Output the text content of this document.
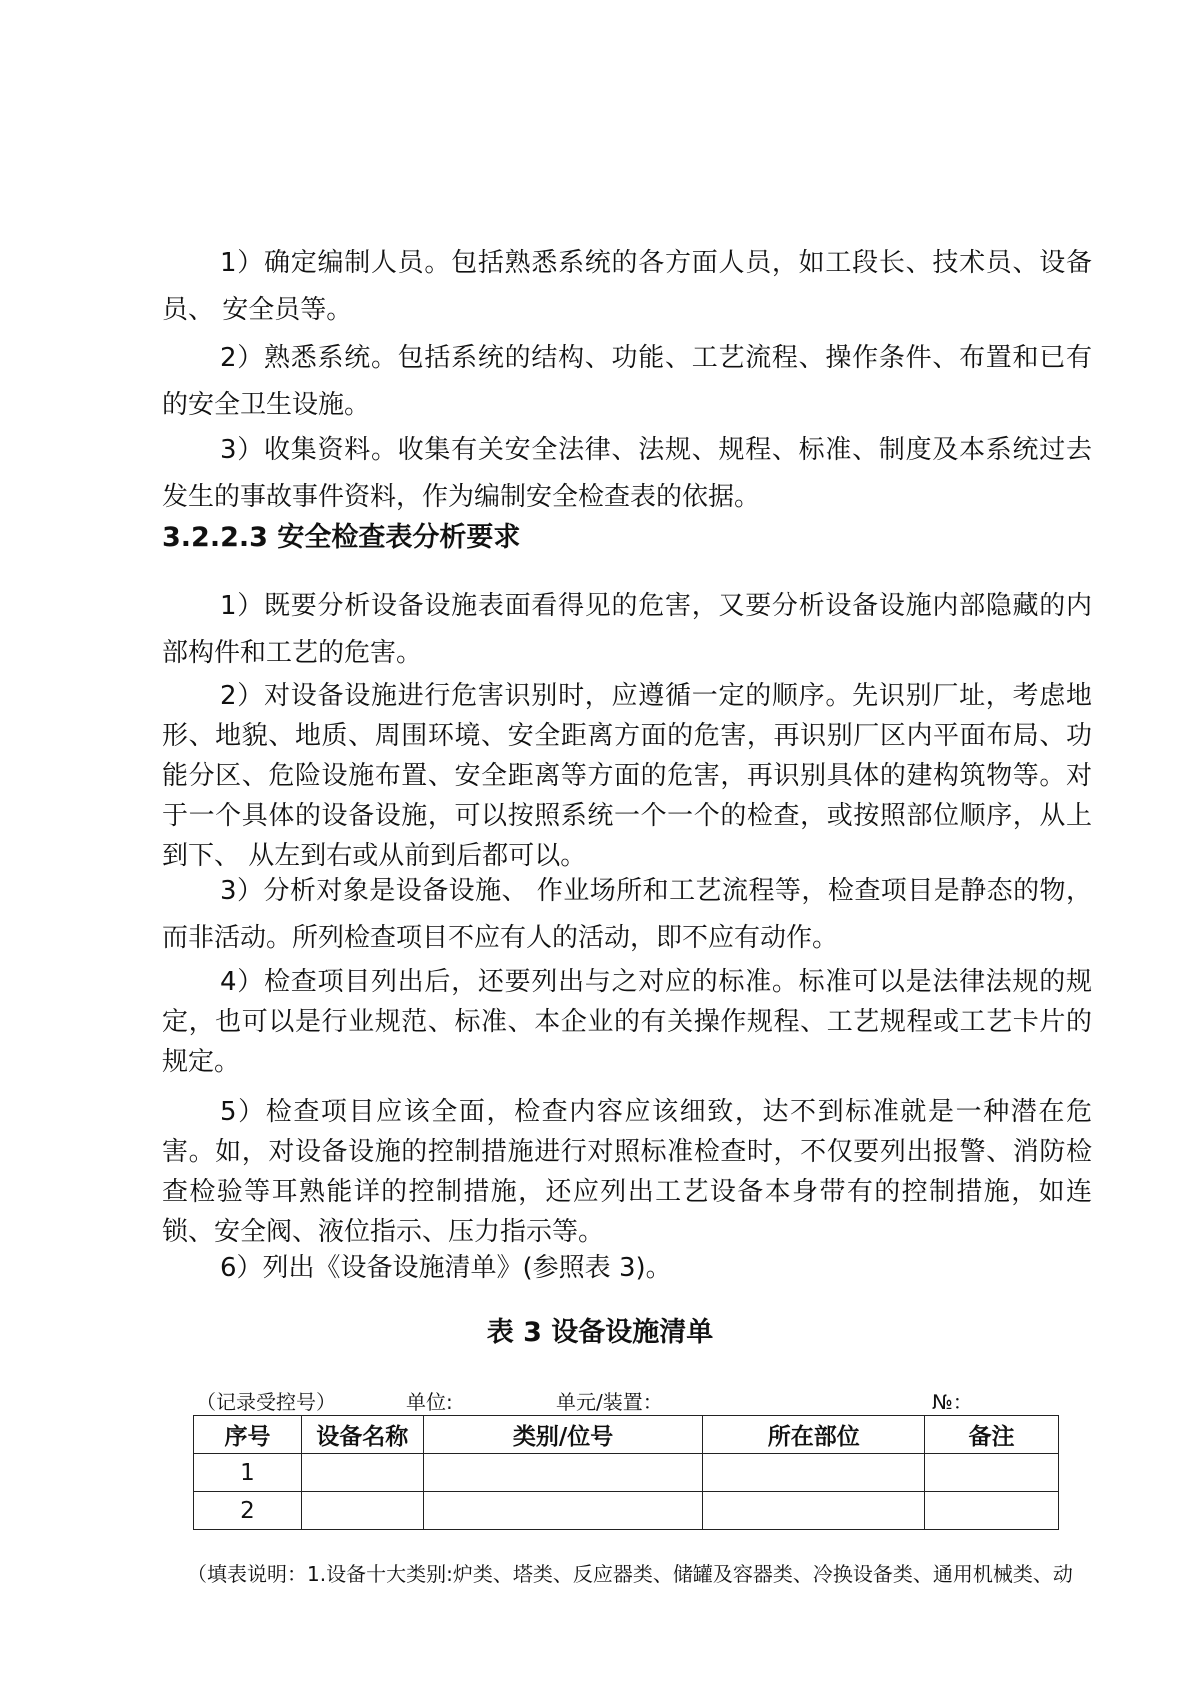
1）确定编制人员。包括熟悉系统的各方面人员，如工段长、技术员、设备员、 安全员等。

2）熟悉系统。包括系统的结构、功能、工艺流程、操作条件、布置和已有的安全卫生设施。

3）收集资料。收集有关安全法律、法规、规程、标准、制度及本系统过去发生的事故事件资料，作为编制安全检查表的依据。

3.2.2.3 安全检查表分析要求

1）既要分析设备设施表面看得见的危害，又要分析设备设施内部隐藏的内部构件和工艺的危害。

2）对设备设施进行危害识别时，应遵循一定的顺序。先识别厂址，考虑地形、地貌、地质、周围环境、安全距离方面的危害，再识别厂区内平面布局、功能分区、危险设施布置、安全距离等方面的危害，再识别具体的建构筑物等。对于一个具体的设备设施，可以按照系统一个一个的检查，或按照部位顺序，从上到下、 从左到右或从前到后都可以。

3）分析对象是设备设施、 作业场所和工艺流程等，检查项目是静态的物，而非活动。所列检查项目不应有人的活动，即不应有动作。

4）检查项目列出后，还要列出与之对应的标准。标准可以是法律法规的规定，也可以是行业规范、标准、本企业的有关操作规程、工艺规程或工艺卡片的规定。

5）检查项目应该全面，检查内容应该细致，达不到标准就是一种潜在危害。如，对设备设施的控制措施进行对照标准检查时，不仅要列出报警、消防检查检验等耳熟能详的控制措施，还应列出工艺设备本身带有的控制措施，如连锁、安全阀、液位指示、压力指示等。

6）列出《设备设施清单》(参照表 3)。

表 3 设备设施清单

（记录受控号）	单位:	单元/装置：	№：
序号	设备名称	类别/位号	所在部位	备注
1				
2				
（填表说明：1.设备十大类别:炉类、塔类、反应器类、储罐及容器类、冷换设备类、通用机械类、动
